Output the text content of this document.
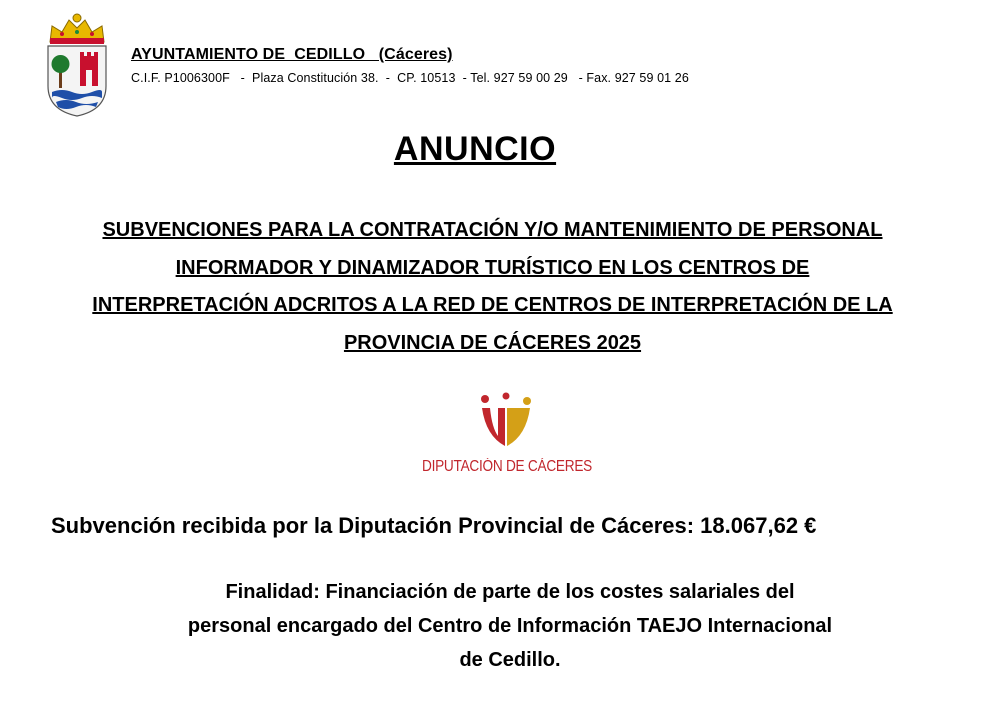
AYUNTAMIENTO DE  CEDILLO   (Cáceres)
C.I.F. P1006300F   -  Plaza Constitución 38.  -  CP. 10513  - Tel. 927 59 00 29   - Fax. 927 59 01 26
ANUNCIO
SUBVENCIONES PARA LA CONTRATACIÓN Y/O MANTENIMIENTO DE PERSONAL
INFORMADOR Y DINAMIZADOR TURÍSTICO EN LOS CENTROS DE
INTERPRETACIÓN ADCRITOS A LA RED DE CENTROS DE INTERPRETACIÓN DE LA
PROVINCIA DE CÁCERES 2025
DIPUTACIÓN DE CÁCERES
Subvención recibida por la Diputación Provincial de Cáceres: 18.067,62 €
Finalidad: Financiación de parte de los costes salariales del
personal encargado del Centro de Información TAEJO Internacional
de Cedillo.
